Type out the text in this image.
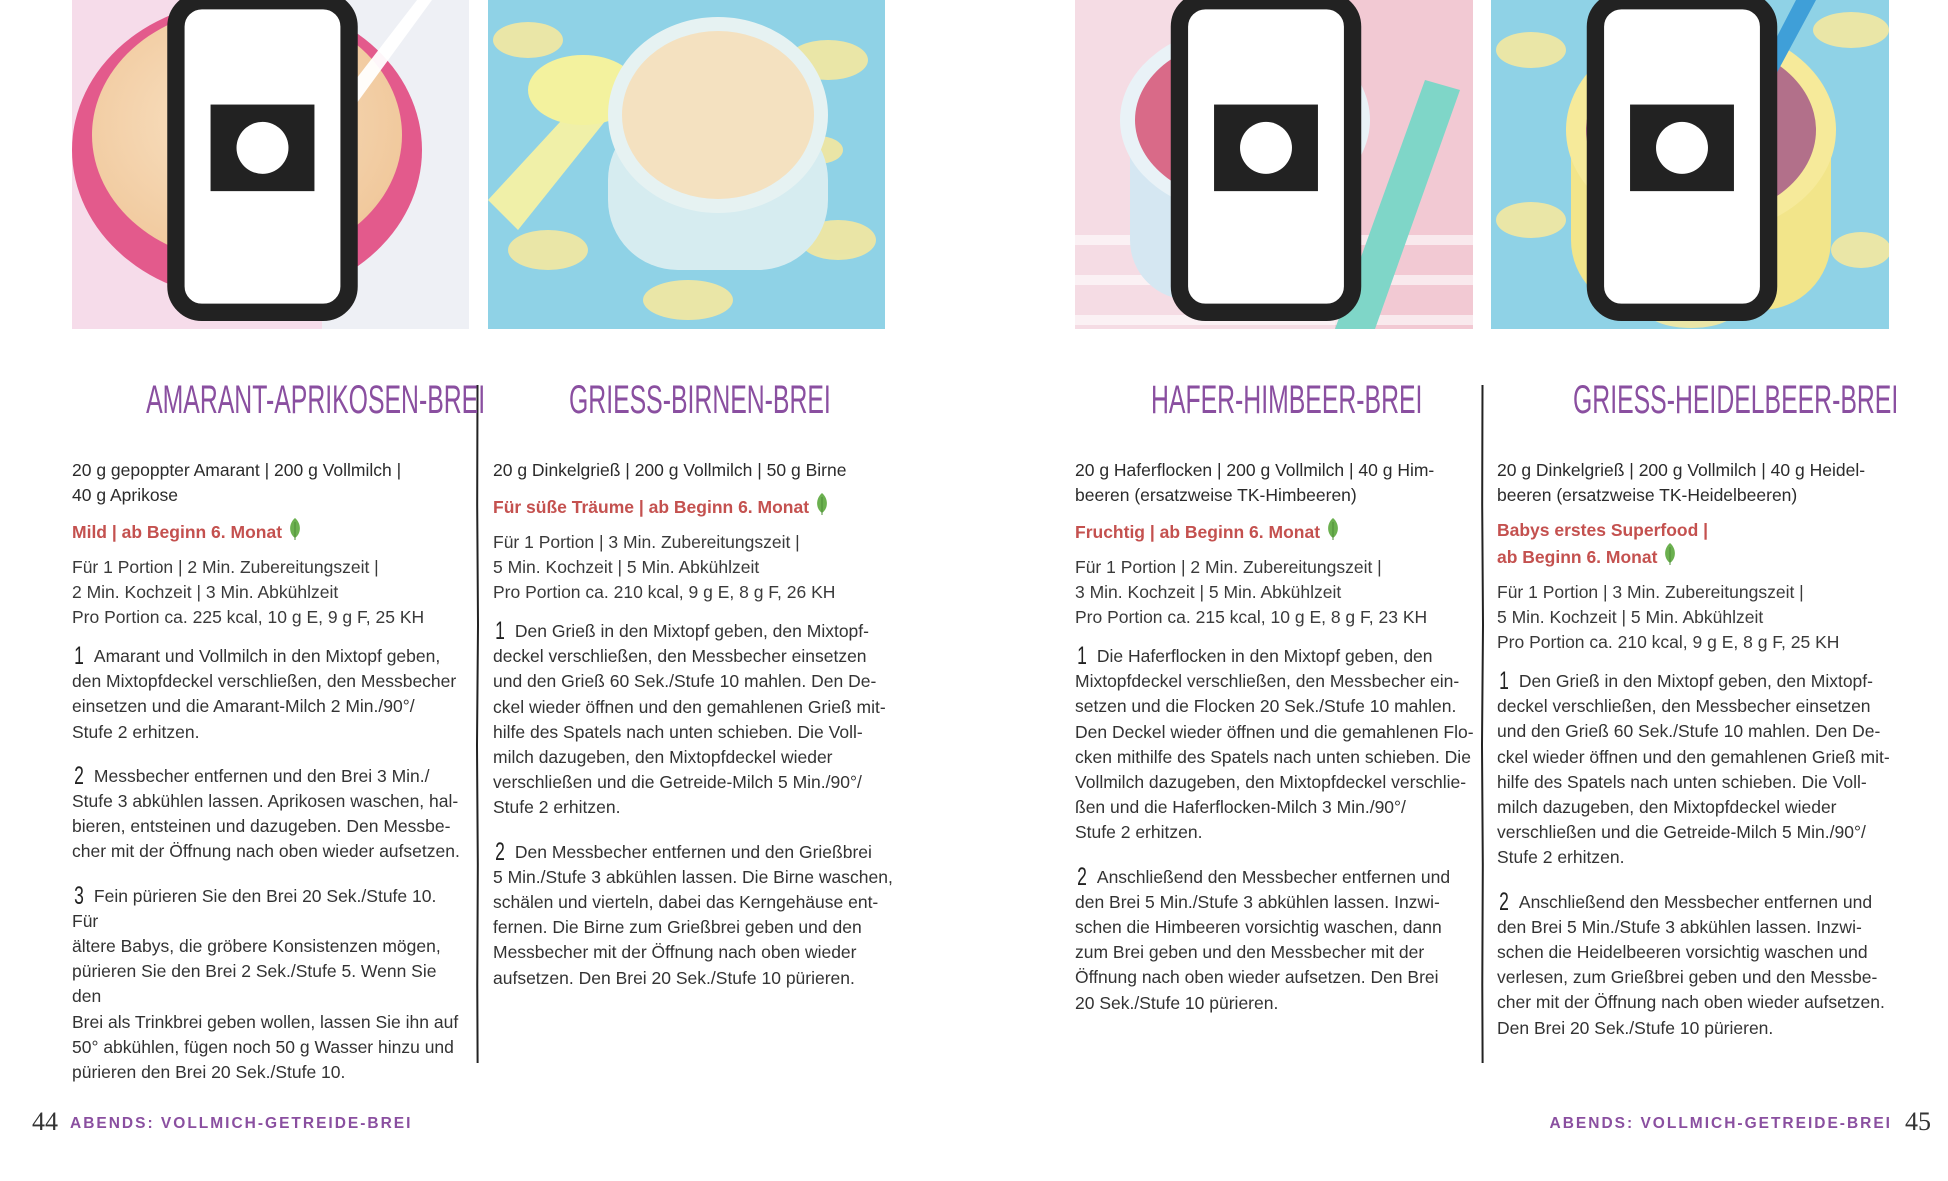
AMARANT-APRIKOSEN-BREI
20 g gepoppter Amarant | 200 g Vollmilch |
40 g Aprikose
Mild | ab Beginn 6. Monat
Für 1 Portion | 2 Min. Zubereitungszeit |
2 Min. Kochzeit | 3 Min. Abkühlzeit
Pro Portion ca. 225 kcal, 10 g E, 9 g F, 25 KH
1 Amarant und Vollmilch in den Mixtopf geben,
den Mixtopfdeckel verschließen, den Messbecher
einsetzen und die Amarant-Milch 2 Min./90°/
Stufe 2 erhitzen.
2 Messbecher entfernen und den Brei 3 Min./
Stufe 3 abkühlen lassen. Aprikosen waschen, hal-
bieren, entsteinen und dazugeben. Den Messbe-
cher mit der Öffnung nach oben wieder aufsetzen.
3 Fein pürieren Sie den Brei 20 Sek./Stufe 10. Für
ältere Babys, die gröbere Konsistenzen mögen,
pürieren Sie den Brei 2 Sek./Stufe 5. Wenn Sie den
Brei als Trinkbrei geben wollen, lassen Sie ihn auf
50° abkühlen, fügen noch 50 g Wasser hinzu und
pürieren den Brei 20 Sek./Stufe 10.
GRIESS-BIRNEN-BREI
20 g Dinkelgrieß | 200 g Vollmilch | 50 g Birne
Für süße Träume | ab Beginn 6. Monat
Für 1 Portion | 3 Min. Zubereitungszeit |
5 Min. Kochzeit | 5 Min. Abkühlzeit
Pro Portion ca. 210 kcal, 9 g E, 8 g F, 26 KH
1 Den Grieß in den Mixtopf geben, den Mixtopf-
deckel verschließen, den Messbecher einsetzen
und den Grieß 60 Sek./Stufe 10 mahlen. Den De-
ckel wieder öffnen und den gemahlenen Grieß mit-
hilfe des Spatels nach unten schieben. Die Voll-
milch dazugeben, den Mixtopfdeckel wieder
verschließen und die Getreide-Milch 5 Min./90°/
Stufe 2 erhitzen.
2 Den Messbecher entfernen und den Grießbrei
5 Min./Stufe 3 abkühlen lassen. Die Birne waschen,
schälen und vierteln, dabei das Kerngehäuse ent-
fernen. Die Birne zum Grießbrei geben und den
Messbecher mit der Öffnung nach oben wieder
aufsetzen. Den Brei 20 Sek./Stufe 10 pürieren.
HAFER-HIMBEER-BREI
20 g Haferflocken | 200 g Vollmilch | 40 g Him-
beeren (ersatzweise TK-Himbeeren)
Fruchtig | ab Beginn 6. Monat
Für 1 Portion | 2 Min. Zubereitungszeit |
3 Min. Kochzeit | 5 Min. Abkühlzeit
Pro Portion ca. 215 kcal, 10 g E, 8 g F, 23 KH
1 Die Haferflocken in den Mixtopf geben, den
Mixtopfdeckel verschließen, den Messbecher ein-
setzen und die Flocken 20 Sek./Stufe 10 mahlen.
Den Deckel wieder öffnen und die gemahlenen Flo-
cken mithilfe des Spatels nach unten schieben. Die
Vollmilch dazugeben, den Mixtopfdeckel verschlie-
ßen und die Haferflocken-Milch 3 Min./90°/
Stufe 2 erhitzen.
2 Anschließend den Messbecher entfernen und
den Brei 5 Min./Stufe 3 abkühlen lassen. Inzwi-
schen die Himbeeren vorsichtig waschen, dann
zum Brei geben und den Messbecher mit der
Öffnung nach oben wieder aufsetzen. Den Brei
20 Sek./Stufe 10 pürieren.
GRIESS-HEIDELBEER-BREI
20 g Dinkelgrieß | 200 g Vollmilch | 40 g Heidel-
beeren (ersatzweise TK-Heidelbeeren)
Babys erstes Superfood |
ab Beginn 6. Monat
Für 1 Portion | 3 Min. Zubereitungszeit |
5 Min. Kochzeit | 5 Min. Abkühlzeit
Pro Portion ca. 210 kcal, 9 g E, 8 g F, 25 KH
1 Den Grieß in den Mixtopf geben, den Mixtopf-
deckel verschließen, den Messbecher einsetzen
und den Grieß 60 Sek./Stufe 10 mahlen. Den De-
ckel wieder öffnen und den gemahlenen Grieß mit-
hilfe des Spatels nach unten schieben. Die Voll-
milch dazugeben, den Mixtopfdeckel wieder
verschließen und die Getreide-Milch 5 Min./90°/
Stufe 2 erhitzen.
2 Anschließend den Messbecher entfernen und
den Brei 5 Min./Stufe 3 abkühlen lassen. Inzwi-
schen die Heidelbeeren vorsichtig waschen und
verlesen, zum Grießbrei geben und den Messbe-
cher mit der Öffnung nach oben wieder aufsetzen.
Den Brei 20 Sek./Stufe 10 pürieren.
44 ABENDS: VOLLMICH-GETREIDE-BREI	ABENDS: VOLLMICH-GETREIDE-BREI 45
